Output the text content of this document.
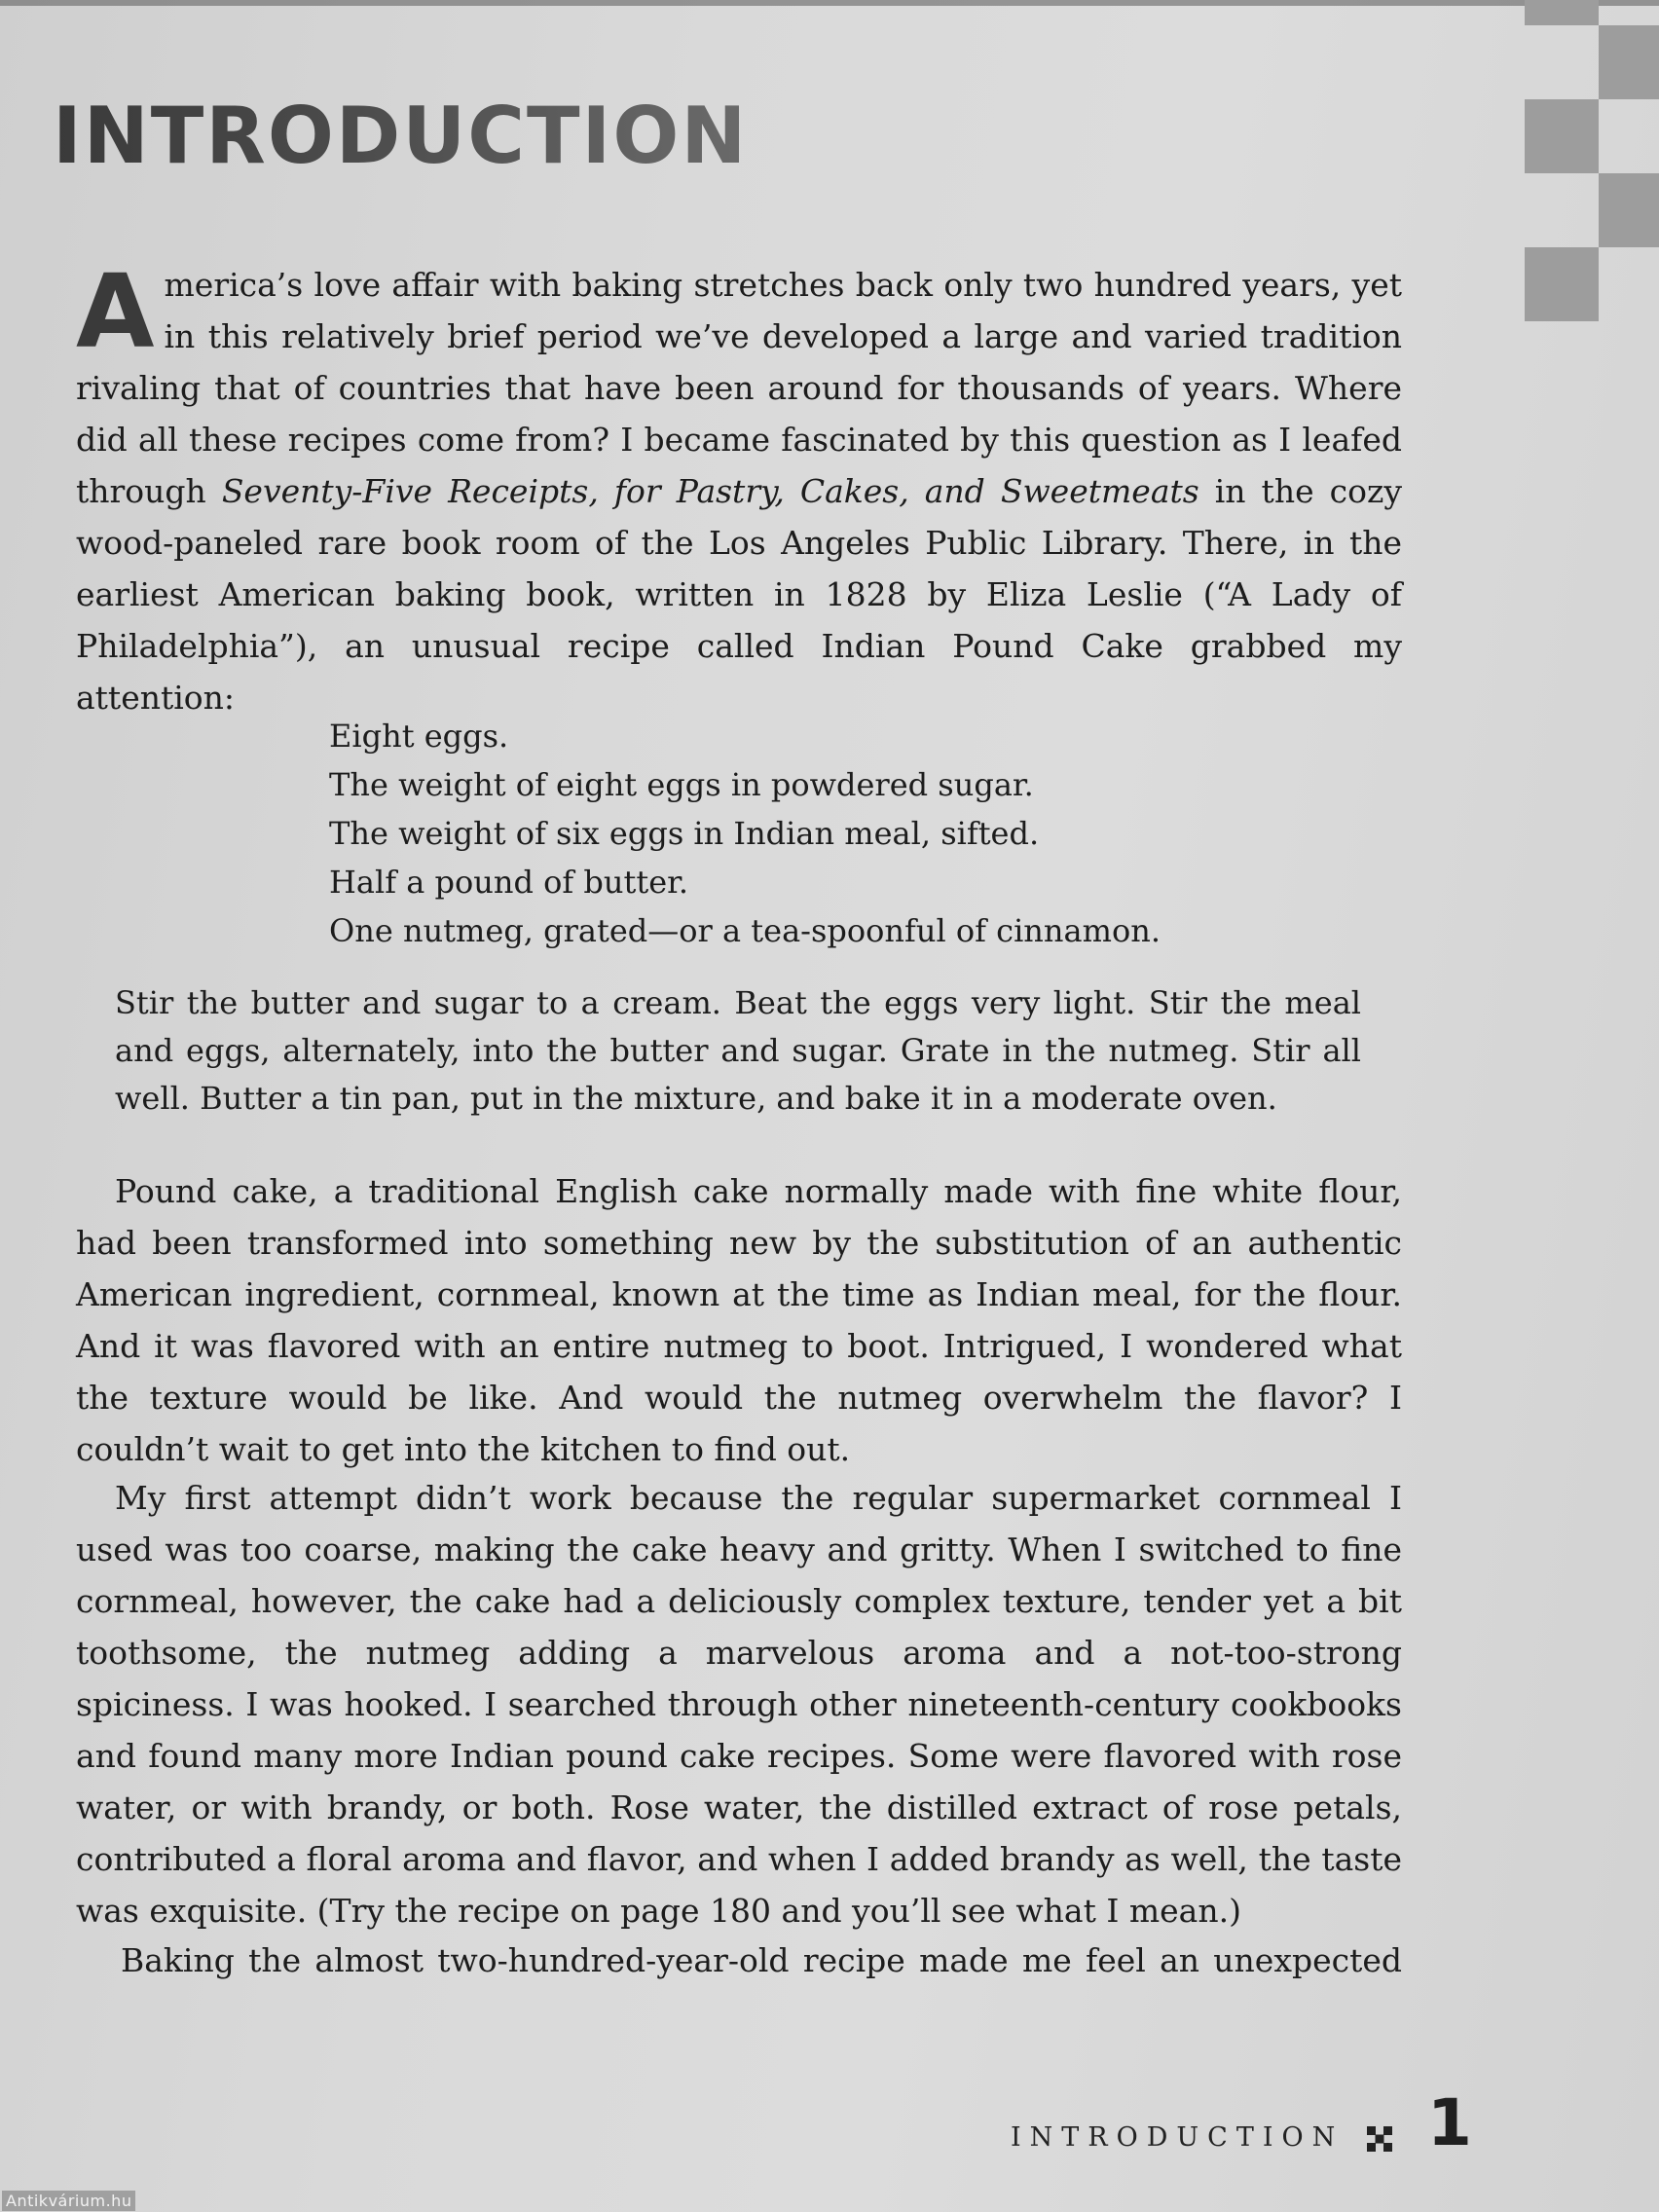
INTRODUCTION

America’s love affair with baking stretches back only two hundred years, yet in this relatively brief period we’ve developed a large and varied tradition rivaling that of countries that have been around for thousands of years. Where did all these recipes come from? I became fascinated by this question as I leafed through Seventy-Five Receipts, for Pastry, Cakes, and Sweetmeats in the cozy wood-paneled rare book room of the Los Angeles Public Library. There, in the earliest American baking book, written in 1828 by Eliza Leslie (“A Lady of Philadelphia”), an unusual recipe called Indian Pound Cake grabbed my attention:

Eight eggs.
The weight of eight eggs in powdered sugar.
The weight of six eggs in Indian meal, sifted.
Half a pound of butter.
One nutmeg, grated—or a tea-spoonful of cinnamon.

Stir the butter and sugar to a cream. Beat the eggs very light. Stir the meal and eggs, alternately, into the butter and sugar. Grate in the nutmeg. Stir all well. Butter a tin pan, put in the mixture, and bake it in a moderate oven.

Pound cake, a traditional English cake normally made with fine white flour, had been transformed into something new by the substitution of an authentic American ingredient, cornmeal, known at the time as Indian meal, for the flour. And it was flavored with an entire nutmeg to boot. Intrigued, I wondered what the texture would be like. And would the nutmeg overwhelm the flavor? I couldn’t wait to get into the kitchen to find out.

My first attempt didn’t work because the regular supermarket cornmeal I used was too coarse, making the cake heavy and gritty. When I switched to fine cornmeal, however, the cake had a deliciously complex texture, tender yet a bit toothsome, the nutmeg adding a marvelous aroma and a not-too-strong spiciness. I was hooked. I searched through other nineteenth-century cookbooks and found many more Indian pound cake recipes. Some were flavored with rose water, or with brandy, or both. Rose water, the distilled extract of rose petals, contributed a floral aroma and flavor, and when I added brandy as well, the taste was exquisite. (Try the recipe on page 180 and you’ll see what I mean.)

Baking the almost two-hundred-year-old recipe made me feel an unexpected

INTRODUCTION 1
Antikvárium.hu
